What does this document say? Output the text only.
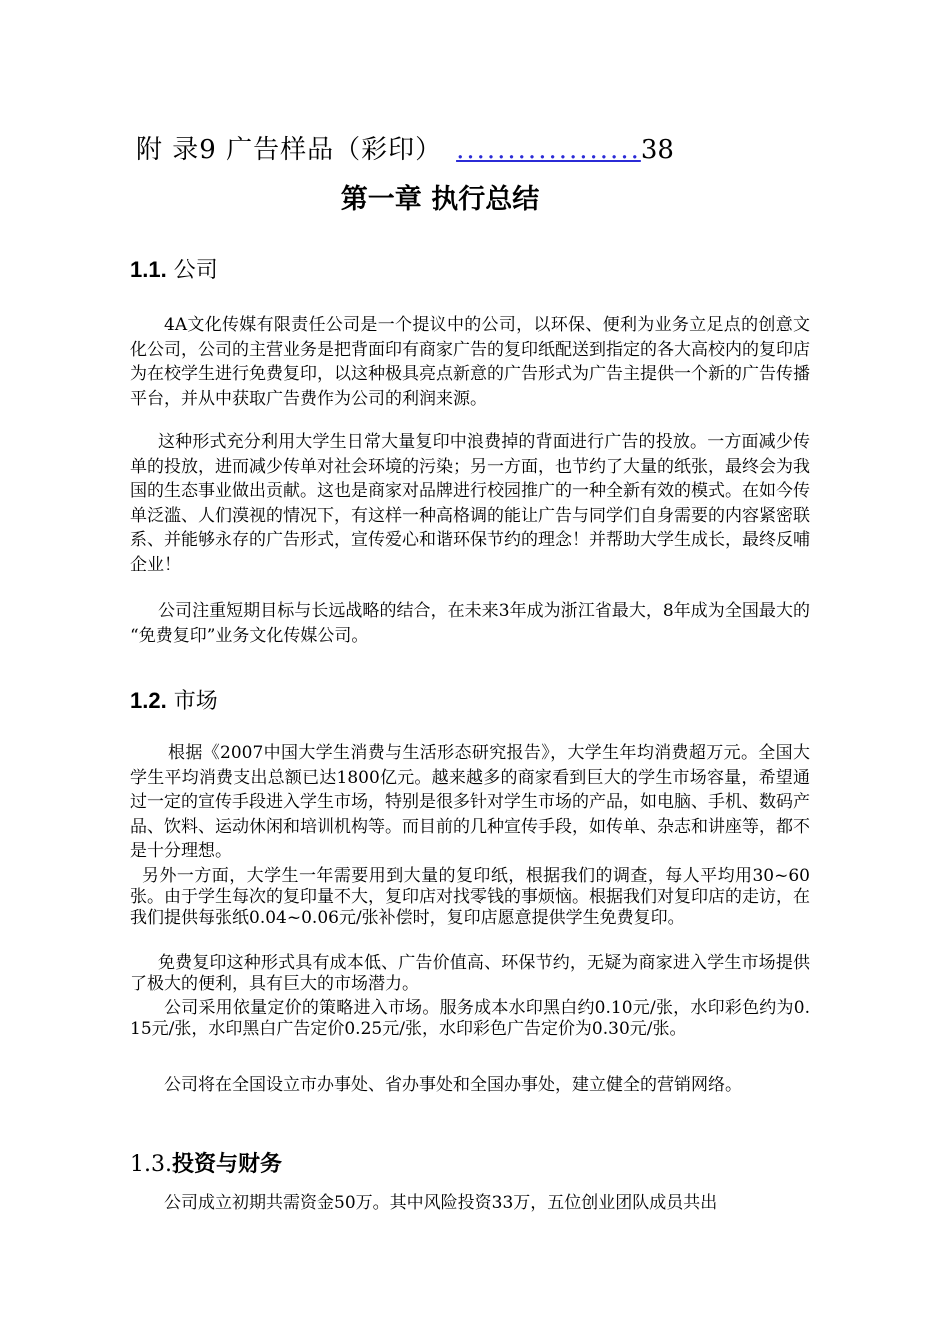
附 录9 广告样品（彩印） ..................38
第一章 执行总结
1.1. 公司
4A文化传媒有限责任公司是一个提议中的公司，以环保、便利为业务立足点的创意文化公司，公司的主营业务是把背面印有商家广告的复印纸配送到指定的各大高校内的复印店为在校学生进行免费复印，以这种极具亮点新意的广告形式为广告主提供一个新的广告传播平台，并从中获取广告费作为公司的利润来源。
这种形式充分利用大学生日常大量复印中浪费掉的背面进行广告的投放。一方面减少传单的投放，进而减少传单对社会环境的污染；另一方面，也节约了大量的纸张，最终会为我国的生态事业做出贡献。这也是商家对品牌进行校园推广的一种全新有效的模式。在如今传单泛滥、人们漠视的情况下，有这样一种高格调的能让广告与同学们自身需要的内容紧密联系、并能够永存的广告形式，宣传爱心和谐环保节约的理念！并帮助大学生成长，最终反哺企业！
公司注重短期目标与长远战略的结合，在未来3年成为浙江省最大，8年成为全国最大的 “免费复印”业务文化传媒公司。
1.2. 市场
根据《2007中国大学生消费与生活形态研究报告》，大学生年均消费超万元。全国大学生平均消费支出总额已达1800亿元。越来越多的商家看到巨大的学生市场容量，希望通过一定的宣传手段进入学生市场，特别是很多针对学生市场的产品，如电脑、手机、数码产品、饮料、运动休闲和培训机构等。而目前的几种宣传手段，如传单、杂志和讲座等，都不是十分理想。
另外一方面，大学生一年需要用到大量的复印纸，根据我们的调查，每人平均用30~60张。由于学生每次的复印量不大，复印店对找零钱的事烦恼。根据我们对复印店的走访，在我们提供每张纸0.04~0.06元/张补偿时，复印店愿意提供学生免费复印。
免费复印这种形式具有成本低、广告价值高、环保节约，无疑为商家进入学生市场提供了极大的便利，具有巨大的市场潜力。
公司采用依量定价的策略进入市场。服务成本水印黑白约0.10元/张，水印彩色约为0.15元/张，水印黑白广告定价0.25元/张，水印彩色广告定价为0.30元/张。
公司将在全国设立市办事处、省办事处和全国办事处，建立健全的营销网络。
1.3.投资与财务
公司成立初期共需资金50万。其中风险投资33万，五位创业团队成员共出
